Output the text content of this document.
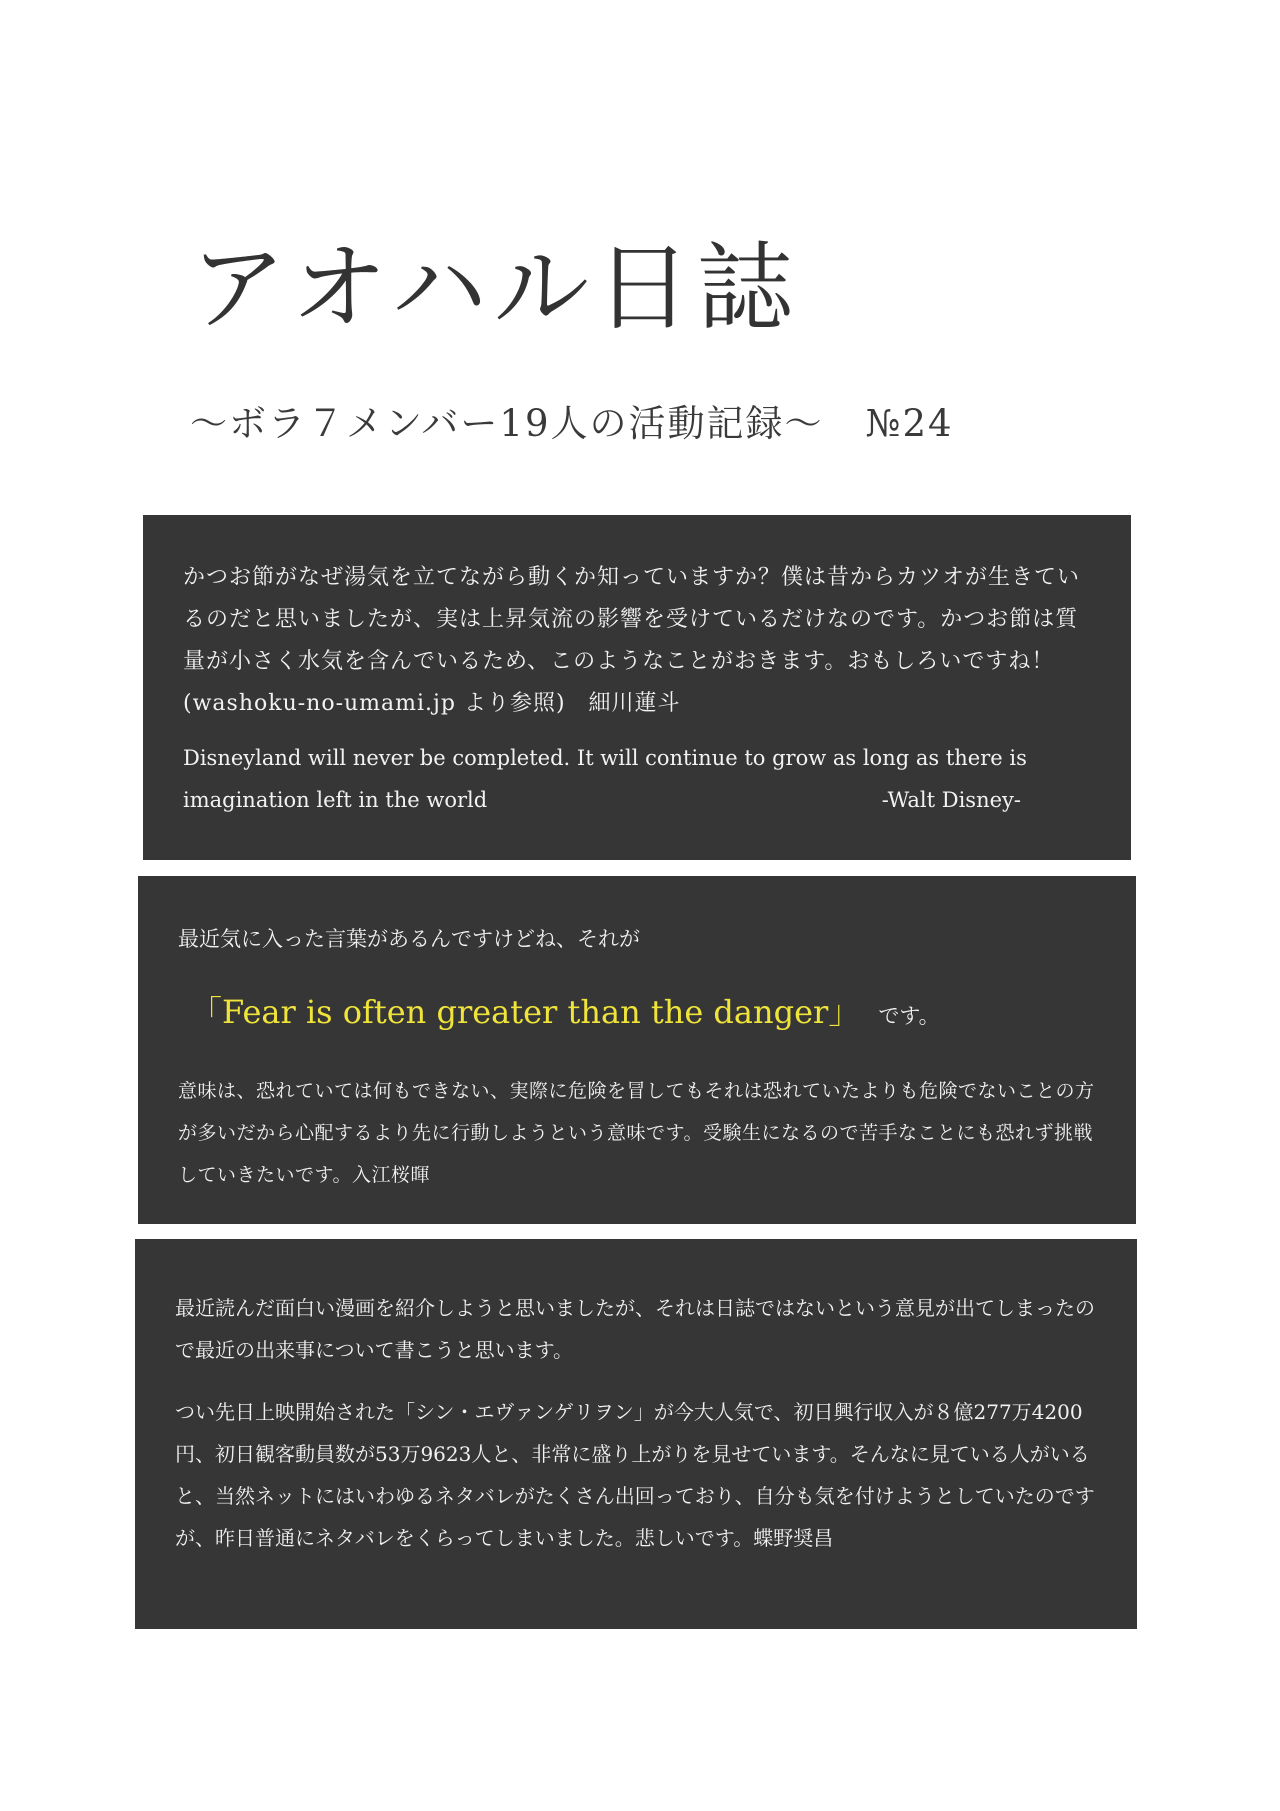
アオハル日誌
～ボラ７メンバー19人の活動記録～ №24

かつお節がなぜ湯気を立てながら動くか知っていますか？僕は昔からカツオが生きているのだと思いましたが、実は上昇気流の影響を受けているだけなのです。かつお節は質量が小さく水気を含んでいるため、このようなことがおきます。おもしろいですね！(washoku-no-umami.jp より参照)　細川蓮斗

Disneyland will never be completed. It will continue to grow as long as there is imagination left in the world	-Walt Disney-

最近気に入った言葉があるんですけどね、それが

「Fear is often greater than the danger」 です。

意味は、恐れていては何もできない、実際に危険を冒してもそれは恐れていたよりも危険でないことの方が多いだから心配するより先に行動しようという意味です。受験生になるので苦手なことにも恐れず挑戦していきたいです。入江桜暉

最近読んだ面白い漫画を紹介しようと思いましたが、それは日誌ではないという意見が出てしまったので最近の出来事について書こうと思います。

つい先日上映開始された「シン・エヴァンゲリヲン」が今大人気で、初日興行収入が８億277万4200円、初日観客動員数が53万9623人と、非常に盛り上がりを見せています。そんなに見ている人がいると、当然ネットにはいわゆるネタバレがたくさん出回っており、自分も気を付けようとしていたのですが、昨日普通にネタバレをくらってしまいました。悲しいです。蝶野奨昌
